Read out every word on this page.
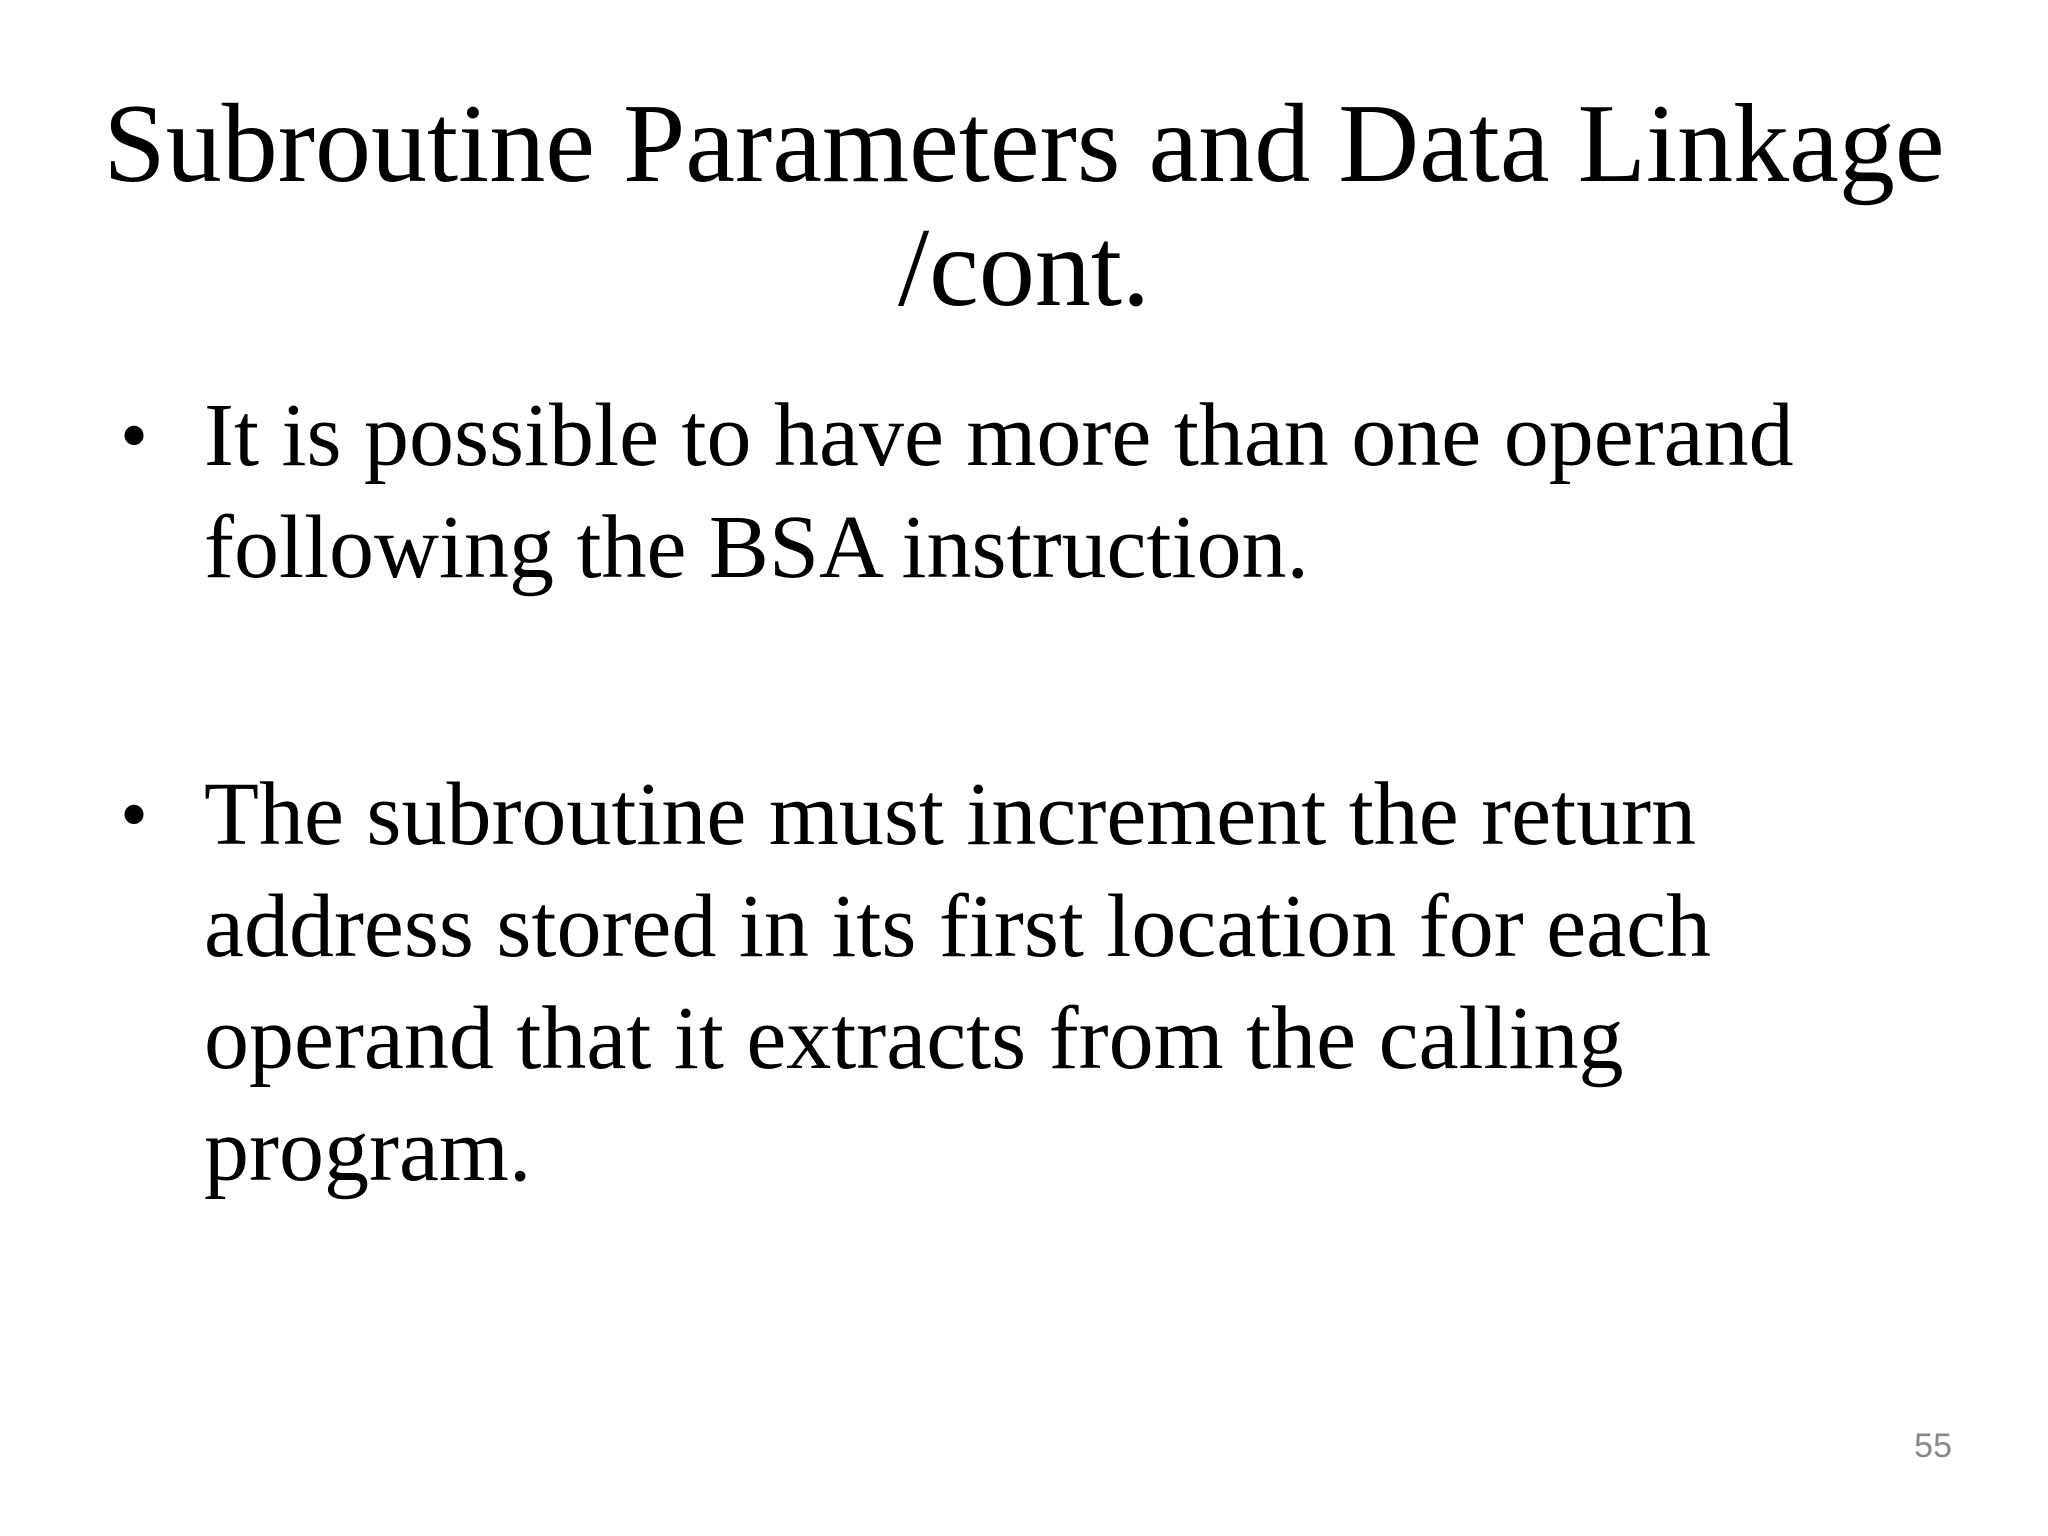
Subroutine Parameters and Data Linkage
/cont.
• It is possible to have more than one operand following the BSA instruction.
• The subroutine must increment the return address stored in its first location for each operand that it extracts from the calling program.
55
